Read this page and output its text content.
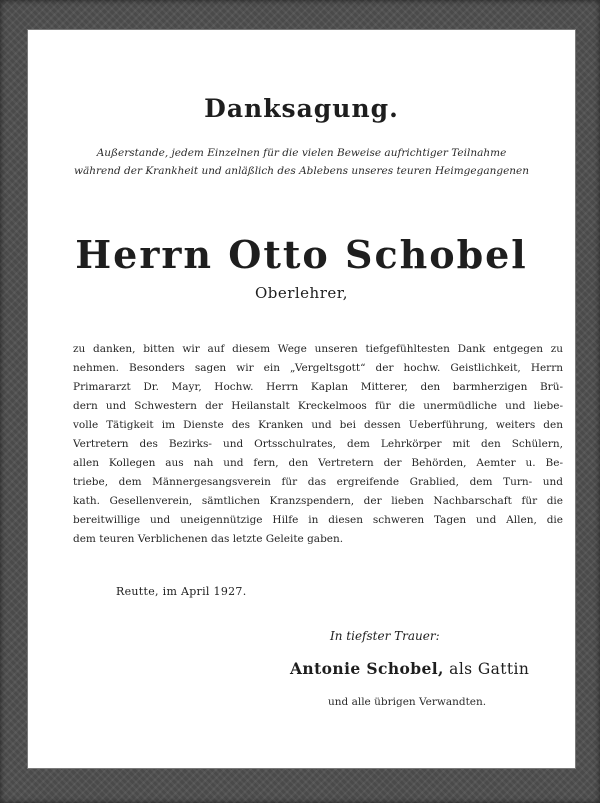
Danksagung.
Außerstande, jedem Einzelnen für die vielen Beweise aufrichtiger Teilnahme
während der Krankheit und anläßlich des Ablebens unseres teuren Heimgegangenen
Herrn Otto Schobel
Oberlehrer,
zu danken, bitten wir auf diesem Wege unseren tiefgefühltesten Dank entgegen zu
nehmen. Besonders sagen wir ein „Vergeltsgott“ der hochw. Geistlichkeit, Herrn
Primararzt Dr. Mayr, Hochw. Herrn Kaplan Mitterer, den barmherzigen Brü-
dern und Schwestern der Heilanstalt Kreckelmoos für die unermüdliche und liebe-
volle Tätigkeit im Dienste des Kranken und bei dessen Ueberführung, weiters den
Vertretern des Bezirks- und Ortsschulrates, dem Lehrkörper mit den Schülern,
allen Kollegen aus nah und fern, den Vertretern der Behörden, Aemter u. Be-
triebe, dem Männergesangsverein für das ergreifende Grablied, dem Turn- und
kath. Gesellenverein, sämtlichen Kranzspendern, der lieben Nachbarschaft für die
bereitwillige und uneigennützige Hilfe in diesen schweren Tagen und Allen, die
dem teuren Verblichenen das letzte Geleite gaben.
Reutte, im April 1927.
In tiefster Trauer:
Antonie Schobel, als Gattin
und alle übrigen Verwandten.
